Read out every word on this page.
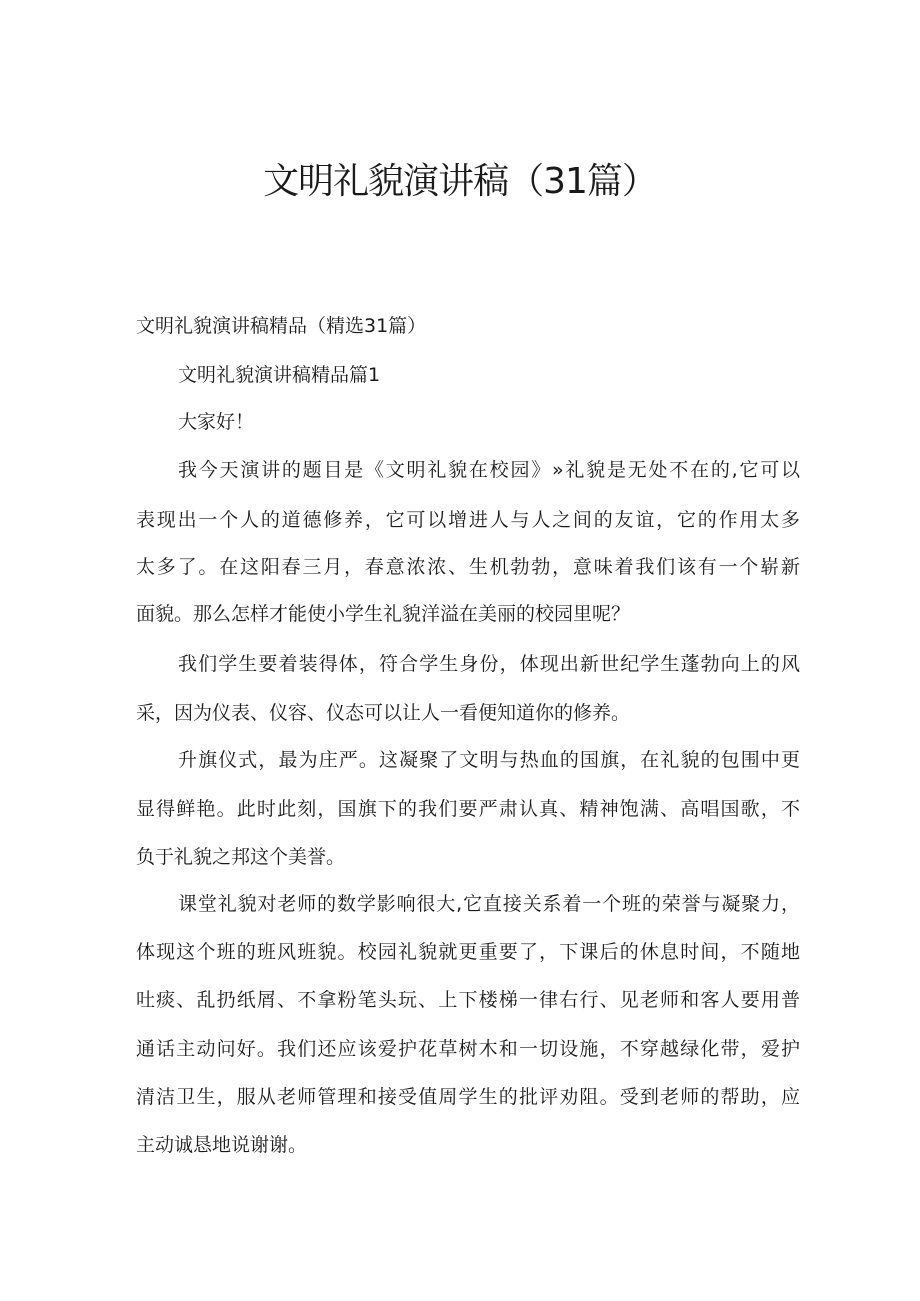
文明礼貌演讲稿（31篇）

文明礼貌演讲稿精品（精选31篇）

文明礼貌演讲稿精品篇1

大家好！

我今天演讲的题目是《文明礼貌在校园》»礼貌是无处不在的,它可以

表现出一个人的道德修养，它可以增进人与人之间的友谊，它的作用太多

太多了。在这阳春三月，春意浓浓、生机勃勃，意味着我们该有一个崭新

面貌。那么怎样才能使小学生礼貌洋溢在美丽的校园里呢？

我们学生要着装得体，符合学生身份，体现出新世纪学生蓬勃向上的风

采，因为仪表、仪容、仪态可以让人一看便知道你的修养。

升旗仪式，最为庄严。这凝聚了文明与热血的国旗，在礼貌的包围中更

显得鲜艳。此时此刻，国旗下的我们要严肃认真、精神饱满、高唱国歌，不

负于礼貌之邦这个美誉。

课堂礼貌对老师的数学影响很大,它直接关系着一个班的荣誉与凝聚力，

体现这个班的班风班貌。校园礼貌就更重要了，下课后的休息时间，不随地

吐痰、乱扔纸屑、不拿粉笔头玩、上下楼梯一律右行、见老师和客人要用普

通话主动问好。我们还应该爱护花草树木和一切设施，不穿越绿化带，爱护

清洁卫生，服从老师管理和接受值周学生的批评劝阻。受到老师的帮助，应

主动诚恳地说谢谢。
